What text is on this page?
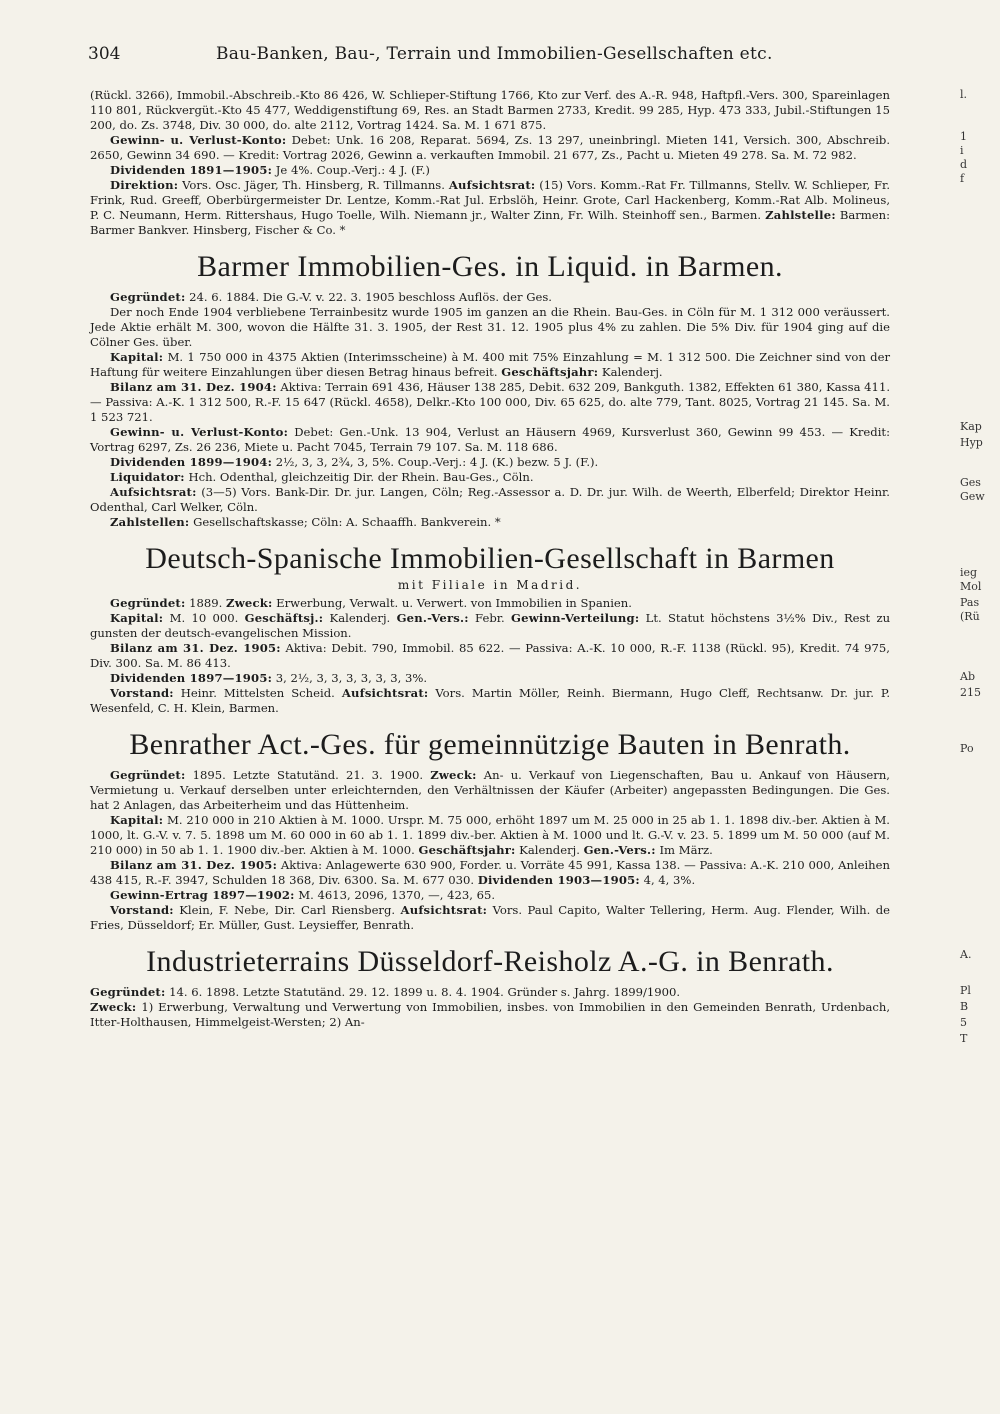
304	Bau-Banken, Bau-, Terrain und Immobilien-Gesellschaften etc.

(Rückl. 3266), Immobil.-Abschreib.-Kto 86 426, W. Schlieper-Stiftung 1766, Kto zur Verf. des A.-R. 948, Haftpfl.-Vers. 300, Spareinlagen 110 801, Rückvergüt.-Kto 45 477, Weddigenstiftung 69, Res. an Stadt Barmen 2733, Kredit. 99 285, Hyp. 473 333, Jubil.-Stiftungen 15 200, do. Zs. 3748, Div. 30 000, do. alte 2112, Vortrag 1424. Sa. M. 1 671 875.

Gewinn- u. Verlust-Konto: Debet: Unk. 16 208, Reparat. 5694, Zs. 13 297, uneinbringl. Mieten 141, Versich. 300, Abschreib. 2650, Gewinn 34 690. — Kredit: Vortrag 2026, Gewinn a. verkauften Immobil. 21 677, Zs., Pacht u. Mieten 49 278. Sa. M. 72 982.

Dividenden 1891—1905: Je 4%. Coup.-Verj.: 4 J. (F.)

Direktion: Vors. Osc. Jäger, Th. Hinsberg, R. Tillmanns. Aufsichtsrat: (15) Vors. Komm.-Rat Fr. Tillmanns, Stellv. W. Schlieper, Fr. Frink, Rud. Greeff, Oberbürgermeister Dr. Lentze, Komm.-Rat Jul. Erbslöh, Heinr. Grote, Carl Hackenberg, Komm.-Rat Alb. Molineus, P. C. Neumann, Herm. Rittershaus, Hugo Toelle, Wilh. Niemann jr., Walter Zinn, Fr. Wilh. Steinhoff sen., Barmen. Zahlstelle: Barmen: Barmer Bankver. Hinsberg, Fischer & Co. *

Barmer Immobilien-Ges. in Liquid. in Barmen.

Gegründet: 24. 6. 1884. Die G.-V. v. 22. 3. 1905 beschloss Auflös. der Ges.

Der noch Ende 1904 verbliebene Terrainbesitz wurde 1905 im ganzen an die Rhein. Bau-Ges. in Cöln für M. 1 312 000 veräussert. Jede Aktie erhält M. 300, wovon die Hälfte 31. 3. 1905, der Rest 31. 12. 1905 plus 4% zu zahlen. Die 5% Div. für 1904 ging auf die Cölner Ges. über.

Kapital: M. 1 750 000 in 4375 Aktien (Interimsscheine) à M. 400 mit 75% Einzahlung = M. 1 312 500. Die Zeichner sind von der Haftung für weitere Einzahlungen über diesen Betrag hinaus befreit. Geschäftsjahr: Kalenderj.

Bilanz am 31. Dez. 1904: Aktiva: Terrain 691 436, Häuser 138 285, Debit. 632 209, Bankguth. 1382, Effekten 61 380, Kassa 411. — Passiva: A.-K. 1 312 500, R.-F. 15 647 (Rückl. 4658), Delkr.-Kto 100 000, Div. 65 625, do. alte 779, Tant. 8025, Vortrag 21 145. Sa. M. 1 523 721.

Gewinn- u. Verlust-Konto: Debet: Gen.-Unk. 13 904, Verlust an Häusern 4969, Kursverlust 360, Gewinn 99 453. — Kredit: Vortrag 6297, Zs. 26 236, Miete u. Pacht 7045, Terrain 79 107. Sa. M. 118 686.

Dividenden 1899—1904: 2½, 3, 3, 2¾, 3, 5%. Coup.-Verj.: 4 J. (K.) bezw. 5 J. (F.).

Liquidator: Hch. Odenthal, gleichzeitig Dir. der Rhein. Bau-Ges., Cöln.

Aufsichtsrat: (3—5) Vors. Bank-Dir. Dr. jur. Langen, Cöln; Reg.-Assessor a. D. Dr. jur. Wilh. de Weerth, Elberfeld; Direktor Heinr. Odenthal, Carl Welker, Cöln.

Zahlstellen: Gesellschaftskasse; Cöln: A. Schaaffh. Bankverein. *

Deutsch-Spanische Immobilien-Gesellschaft in Barmen
mit Filiale in Madrid.

Gegründet: 1889. Zweck: Erwerbung, Verwalt. u. Verwert. von Immobilien in Spanien.

Kapital: M. 10 000. Geschäftsj.: Kalenderj. Gen.-Vers.: Febr. Gewinn-Verteilung: Lt. Statut höchstens 3½% Div., Rest zu gunsten der deutsch-evangelischen Mission.

Bilanz am 31. Dez. 1905: Aktiva: Debit. 790, Immobil. 85 622. — Passiva: A.-K. 10 000, R.-F. 1138 (Rückl. 95), Kredit. 74 975, Div. 300. Sa. M. 86 413.

Dividenden 1897—1905: 3, 2½, 3, 3, 3, 3, 3, 3, 3%.

Vorstand: Heinr. Mittelsten Scheid. Aufsichtsrat: Vors. Martin Möller, Reinh. Biermann, Hugo Cleff, Rechtsanw. Dr. jur. P. Wesenfeld, C. H. Klein, Barmen.

Benrather Act.-Ges. für gemeinnützige Bauten in Benrath.

Gegründet: 1895. Letzte Statutänd. 21. 3. 1900. Zweck: An- u. Verkauf von Liegenschaften, Bau u. Ankauf von Häusern, Vermietung u. Verkauf derselben unter erleichternden, den Verhältnissen der Käufer (Arbeiter) angepassten Bedingungen. Die Ges. hat 2 Anlagen, das Arbeiterheim und das Hüttenheim.

Kapital: M. 210 000 in 210 Aktien à M. 1000. Urspr. M. 75 000, erhöht 1897 um M. 25 000 in 25 ab 1. 1. 1898 div.-ber. Aktien à M. 1000, lt. G.-V. v. 7. 5. 1898 um M. 60 000 in 60 ab 1. 1. 1899 div.-ber. Aktien à M. 1000 und lt. G.-V. v. 23. 5. 1899 um M. 50 000 (auf M. 210 000) in 50 ab 1. 1. 1900 div.-ber. Aktien à M. 1000. Geschäftsjahr: Kalenderj. Gen.-Vers.: Im März.

Bilanz am 31. Dez. 1905: Aktiva: Anlagewerte 630 900, Forder. u. Vorräte 45 991, Kassa 138. — Passiva: A.-K. 210 000, Anleihen 438 415, R.-F. 3947, Schulden 18 368, Div. 6300. Sa. M. 677 030. Dividenden 1903—1905: 4, 4, 3%.

Gewinn-Ertrag 1897—1902: M. 4613, 2096, 1370, —, 423, 65.

Vorstand: Klein, F. Nebe, Dir. Carl Riensberg. Aufsichtsrat: Vors. Paul Capito, Walter Tellering, Herm. Aug. Flender, Wilh. de Fries, Düsseldorf; Er. Müller, Gust. Leysieffer, Benrath.

Industrieterrains Düsseldorf-Reisholz A.-G. in Benrath.

Gegründet: 14. 6. 1898. Letzte Statutänd. 29. 12. 1899 u. 8. 4. 1904. Gründer s. Jahrg. 1899/1900.

Zweck: 1) Erwerbung, Verwaltung und Verwertung von Immobilien, insbes. von Immobilien in den Gemeinden Benrath, Urdenbach, Itter-Holthausen, Himmelgeist-Wersten; 2) An-

l.
1
i
d
f
Kap
Hyp
Ges
Gew
ieg
Mol
Pas
(Rü
Ab
215
Po
A.
Pl
B
5
T
